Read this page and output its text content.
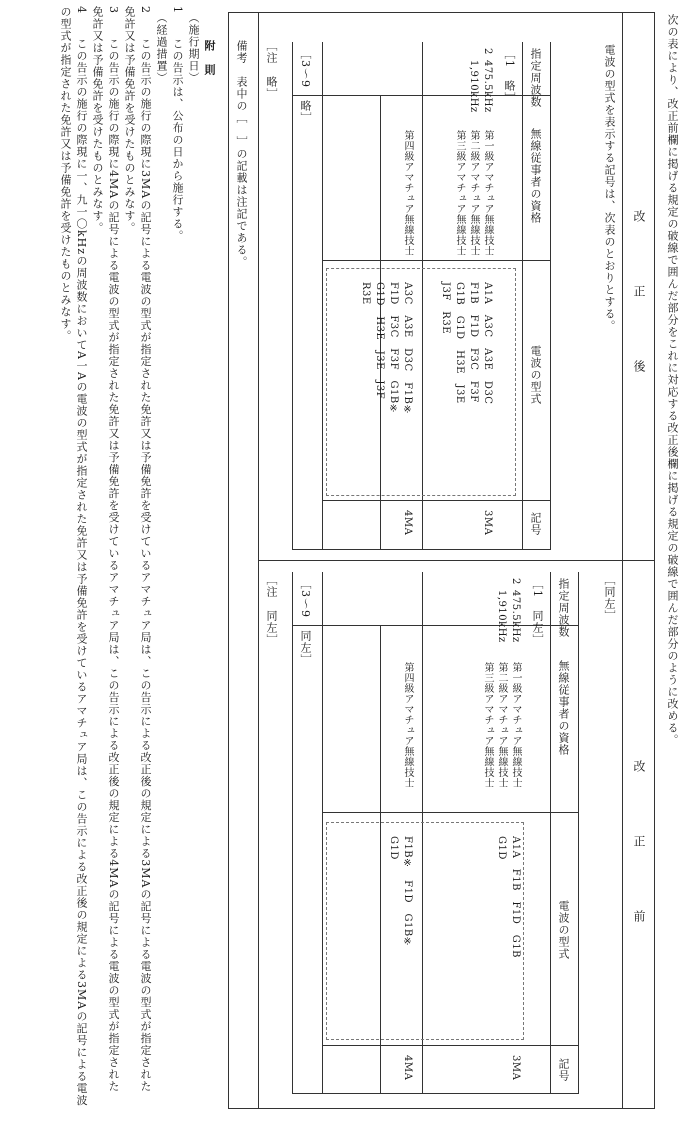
次の表により、改正前欄に掲げる規定の破線で囲んだ部分をこれに対応する改正後欄に掲げる規定の破線で囲んだ部分のように改める。
改
正
後
改
正
前
電波の型式を表示する記号は、次表のとおりとする。
指定周波数
無線従事者の資格
電波の型式
記号
［1　略］
2
475.5kHz
1,910kHz
第一級アマチュア無線技士
第二級アマチュア無線技士
第三級アマチュア無線技士
第四級アマチュア無線技士
A1A　A3C　A3E　D3C
F1B　F1D　F3C　F3F
G1B　G1D　H3E　J3E
J3F　R3E
A3C　A3E　D3C　F1B※
F1D　F3C　F3F　G1B※
G1D　H3E　J3E　J3F
R3E
3MA
4MA
［3～9　略］
［注　略］
［同左］
指定周波数
無線従事者の資格
電波の型式
記号
［1　同左］
2
475.5kHz
1,910kHz
第一級アマチュア無線技士
第二級アマチュア無線技士
第三級アマチュア無線技士
第四級アマチュア無線技士
A1A　F1B　F1D　G1B
G1D
F1B※　F1D　G1B※
G1D
3MA
4MA
［3～9　同左］
［注　同左］
備考　表中の［　］の記載は注記である。
附　則
（施行期日）
1　　この告示は、公布の日から施行する。
（経過措置）
2　　この告示の施行の際現に3MAの記号による電波の型式が指定された免許又は予備免許を受けているアマチュア局は、この告示による改正後の規定による3MAの記号による電波の型式が指定された
免許又は予備免許を受けたものとみなす。
3　　この告示の施行の際現に4MAの記号による電波の型式が指定された免許又は予備免許を受けているアマチュア局は、この告示による改正後の規定による4MAの記号による電波の型式が指定された
免許又は予備免許を受けたものとみなす。
4　　この告示の施行の際現に一、九一〇kHzの周波数においてA一Aの電波の型式が指定された免許又は予備免許を受けているアマチュア局は、この告示による改正後の規定による3MAの記号による電波
の型式が指定された免許又は予備免許を受けたものとみなす。
